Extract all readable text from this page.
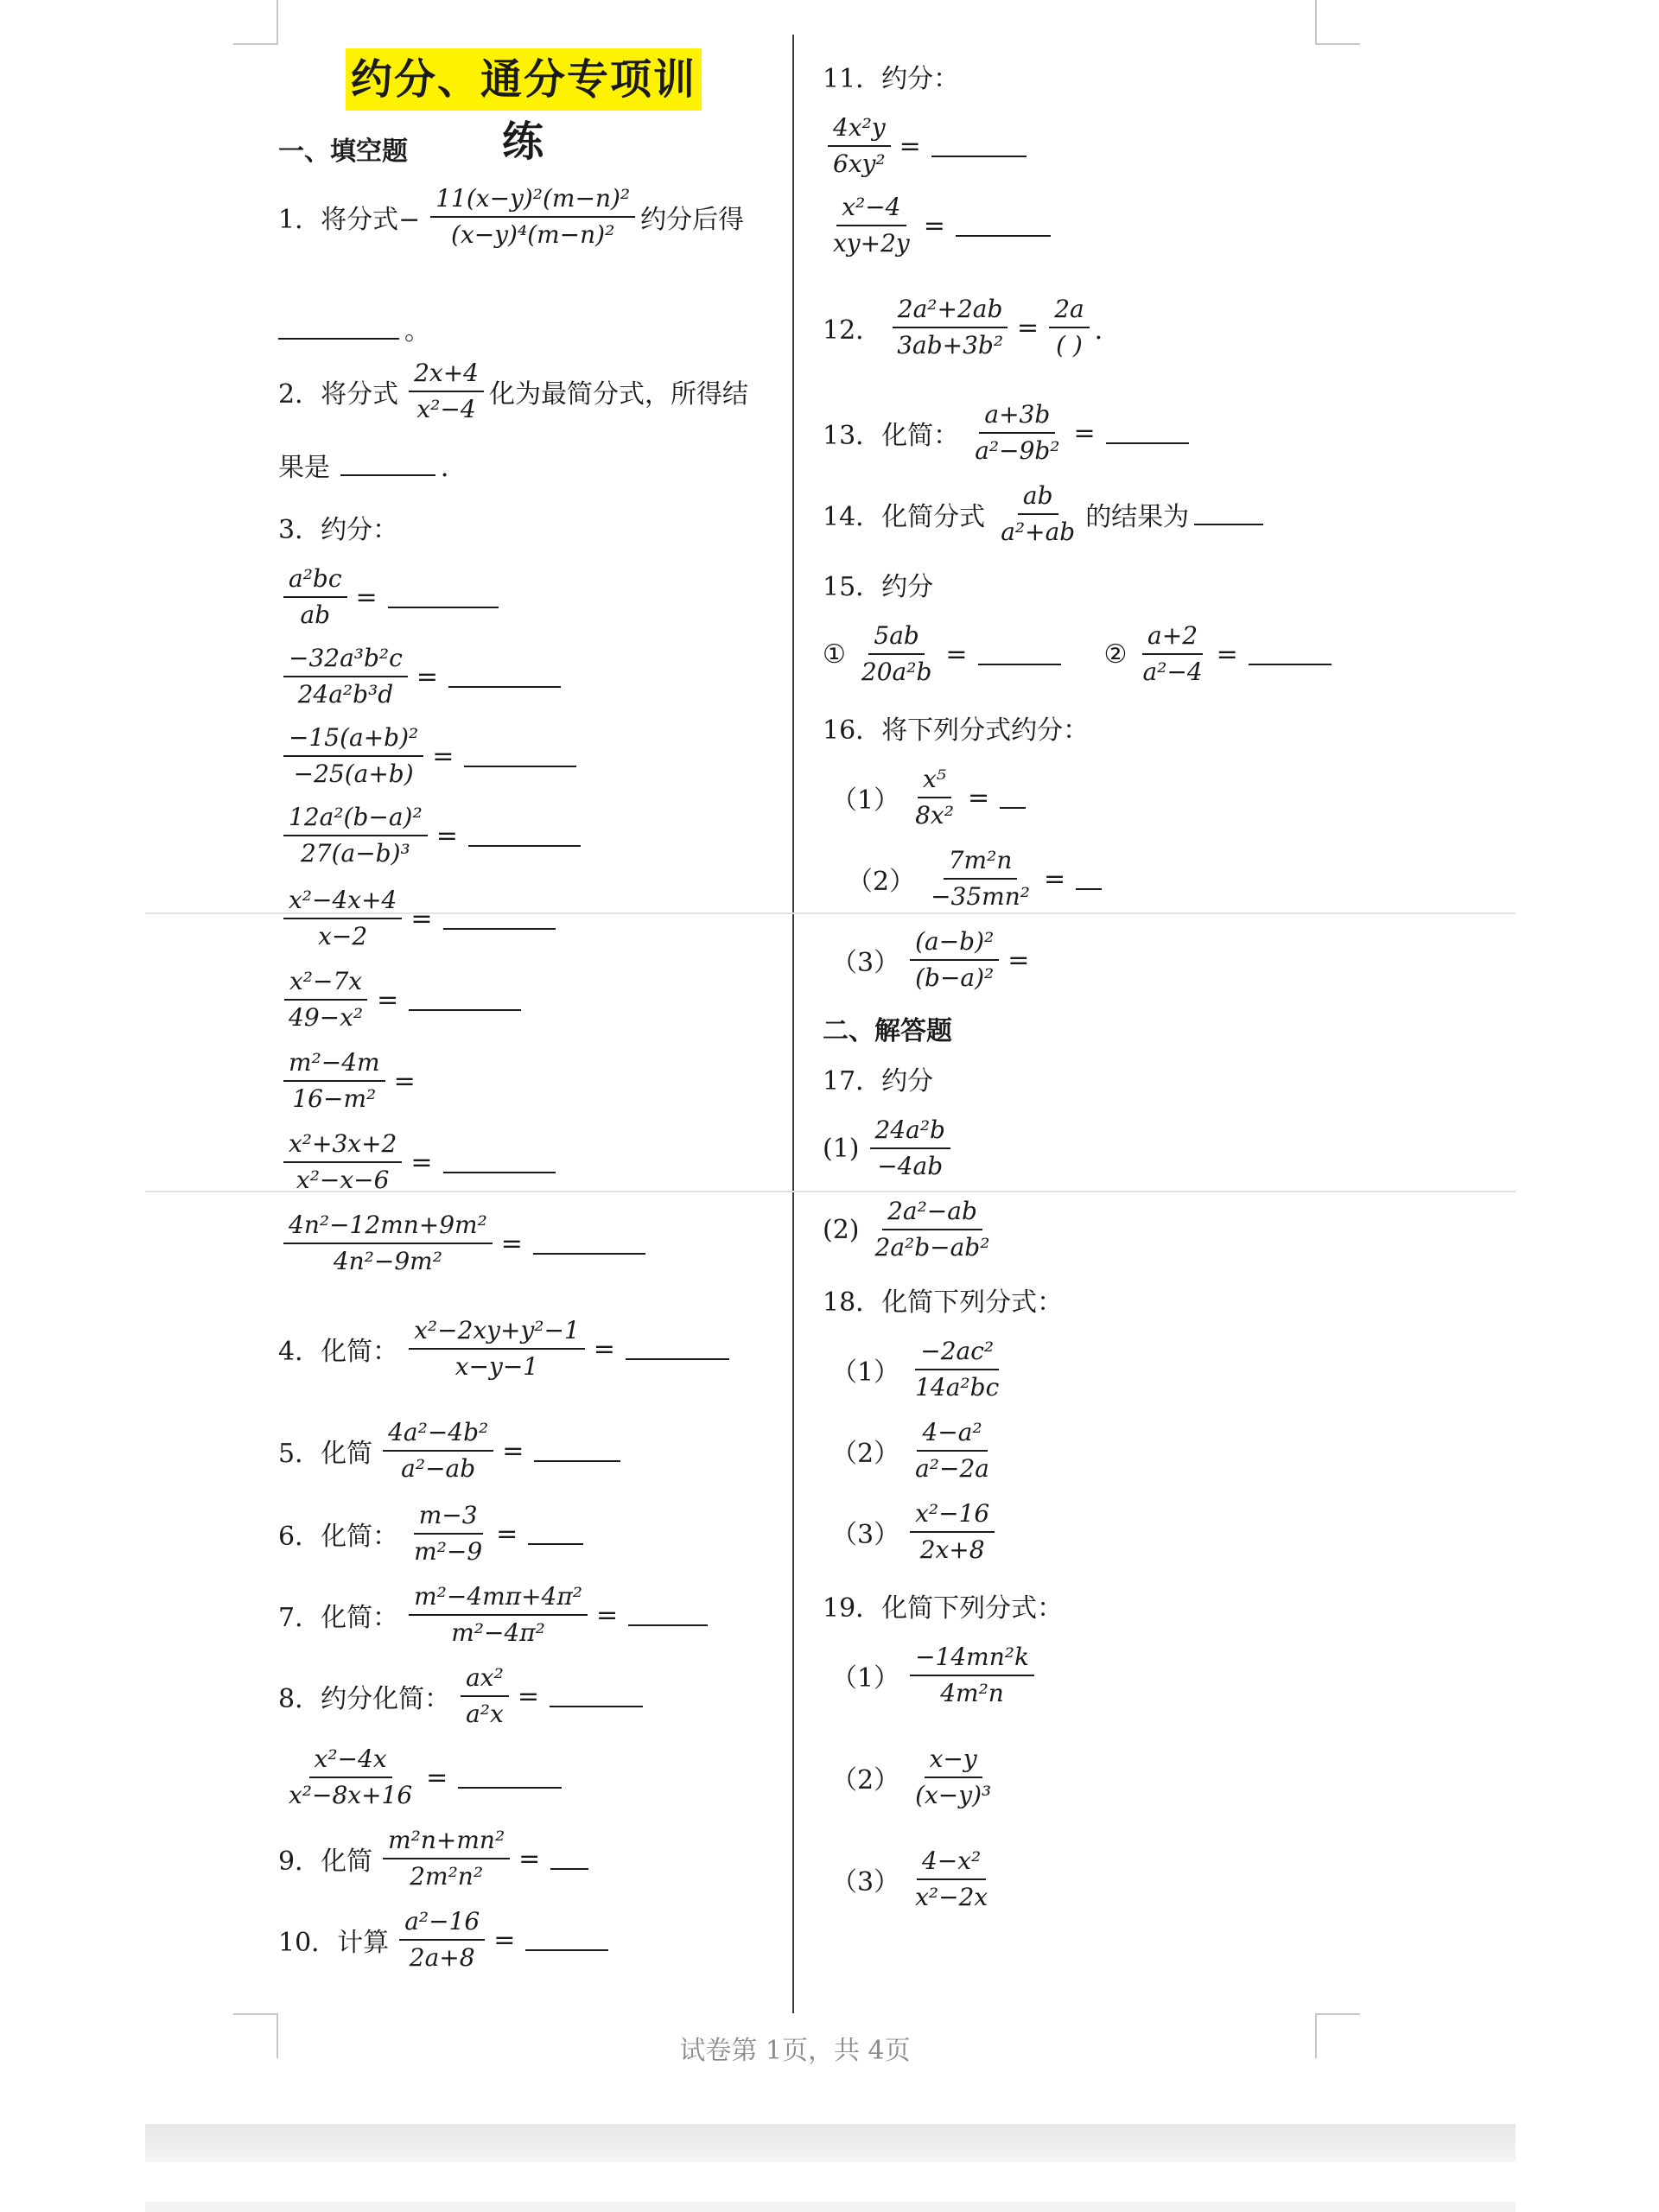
约分、通分专项训练
一、填空题
1．将分式− $\frac{\text{11(x−y)²(m−n)²}}{\text{(x−y)⁴(m−n)²}}$ 约分后得
。
2．将分式 $\frac{2x+4}{\text{x²−4}}$ 化为最简分式，所得结
果是	．
3．约分：
$\frac{\text{a²bc}}{ab}$ =
$\frac{\text{−32a³b²c}}{\text{24a²b³d}}$ =
$\frac{\text{−15(a+b)²}}{-25(a+b)}$ =
$\frac{\text{12a²(b−a)²}}{\text{27(a−b)³}}$ =
$\frac{\text{x²−4x+4}}{x-2}$ =
$\frac{\text{x²−7x}}{\text{49−x²}}$ =
$\frac{\text{m²−4m}}{\text{16−m²}}$ =
$\frac{\text{x²+3x+2}}{\text{x²−x−6}}$ =
$\frac{\text{4n²−12mn+9m²}}{\text{4n²−9m²}}$ =
4．化简： $\frac{\text{x²−2xy+y²−1}}{x-y-1}$ =
5．化简 $\frac{\text{4a²−4b²}}{\text{a²−ab}}$ =
6．化简： $\frac{m-3}{\text{m²−9}}$ =
7．化简： $\frac{\text{m²−4mπ+4π²}}{\text{m²−4π²}}$ =
8．约分化简： $\frac{\text{ax²}}{\text{a²x}}$ =
$\frac{\text{x²−4x}}{\text{x²−8x+16}}$ =
9．化简 $\frac{\text{m²n+mn²}}{\text{2m²n²}}$ =
10．计算 $\frac{\text{a²−16}}{2a+8}$ =
11．约分：
$\frac{\text{4x²y}}{\text{6xy²}}$ =
$\frac{\text{x²−4}}{xy+2y}$ =
12． $\frac{\text{2a²+2ab}}{\text{3ab+3b²}} = \frac{2a}{( )}$ ．
13．化简： $\frac{a+3b}{\text{a²−9b²}}$ =
14．化简分式 $\frac{ab}{\text{a²+ab}}$ 的结果为
15．约分
① $\frac{5ab}{\text{20a²b}}$ =	② $\frac{a+2}{\text{a²−4}}$ =
16．将下列分式约分：
$(1) \frac{\text{x⁵}}{\text{8x²}}$ =
$(2) \frac{\text{7m²n}}{\text{−35mn²}}$ =
$(3) \frac{\text{(a−b)²}}{\text{(b−a)²}}$ =
二、解答题
17．约分
$(1) \frac{\text{24a²b}}{-4ab}$
$(2) \frac{\text{2a²−ab}}{\text{2a²b−ab²}}$
18．化简下列分式：
$(1) \frac{\text{−2ac²}}{\text{14a²bc}}$
$(2) \frac{\text{4−a²}}{\text{a²−2a}}$
$(3) \frac{\text{x²−16}}{2x+8}$
19．化简下列分式：
$(1) \frac{\text{−14mn²k}}{\text{4m²n}}$
$(2) \frac{x-y}{\text{(x−y)³}}$
$(3) \frac{\text{4−x²}}{\text{x²−2x}}$
试卷第 1页，共 4页
